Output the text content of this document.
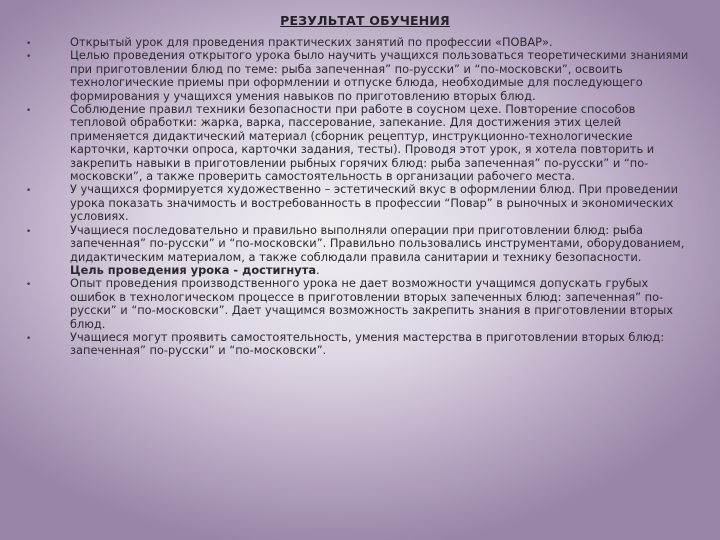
РЕЗУЛЬТАТ ОБУЧЕНИЯ
•	Открытый урок для проведения практических занятий по профессии «ПОВАР».
•	Целью проведения открытого урока было научить учащихся пользоваться теоретическими знаниями при приготовлении блюд по теме: рыба запеченная” по-русски” и “по-московски”, освоить технологические приемы при оформлении и отпуске блюда, необходимые для последующего формирования у учащихся умения навыков по приготовлению вторых блюд.
•	Соблюдение правил техники безопасности при работе в соусном цехе. Повторение способов тепловой обработки: жарка, варка, пассерование, запекание. Для достижения этих целей применяется дидактический материал (сборник рецептур, инструкционно-технологические карточки, карточки опроса, карточки задания, тесты). Проводя этот урок, я хотела повторить и закрепить навыки в приготовлении рыбных горячих блюд: рыба запеченная” по-русски” и “по-московски”, а также проверить самостоятельность в организации рабочего места.
•	У учащихся формируется художественно – эстетический вкус в оформлении блюд. При проведении урока показать значимость и востребованность в профессии “Повар” в рыночных и экономических условиях.
•	Учащиеся последовательно и правильно выполняли операции при приготовлении блюд: рыба запеченная” по-русски” и “по-московски”. Правильно пользовались инструментами, оборудованием, дидактическим материалом, а также соблюдали правила санитарии и технику безопасности.
Цель проведения урока - достигнута.
•	Опыт проведения производственного урока не дает возможности учащимся допускать грубых ошибок в технологическом процессе в приготовлении вторых запеченных блюд: запеченная” по-русски” и “по-московски”. Дает учащимся возможность закрепить знания в приготовлении вторых блюд.
•	Учащиеся могут проявить самостоятельность, умения мастерства в приготовлении вторых блюд: запеченная” по-русски” и “по-московски”.
